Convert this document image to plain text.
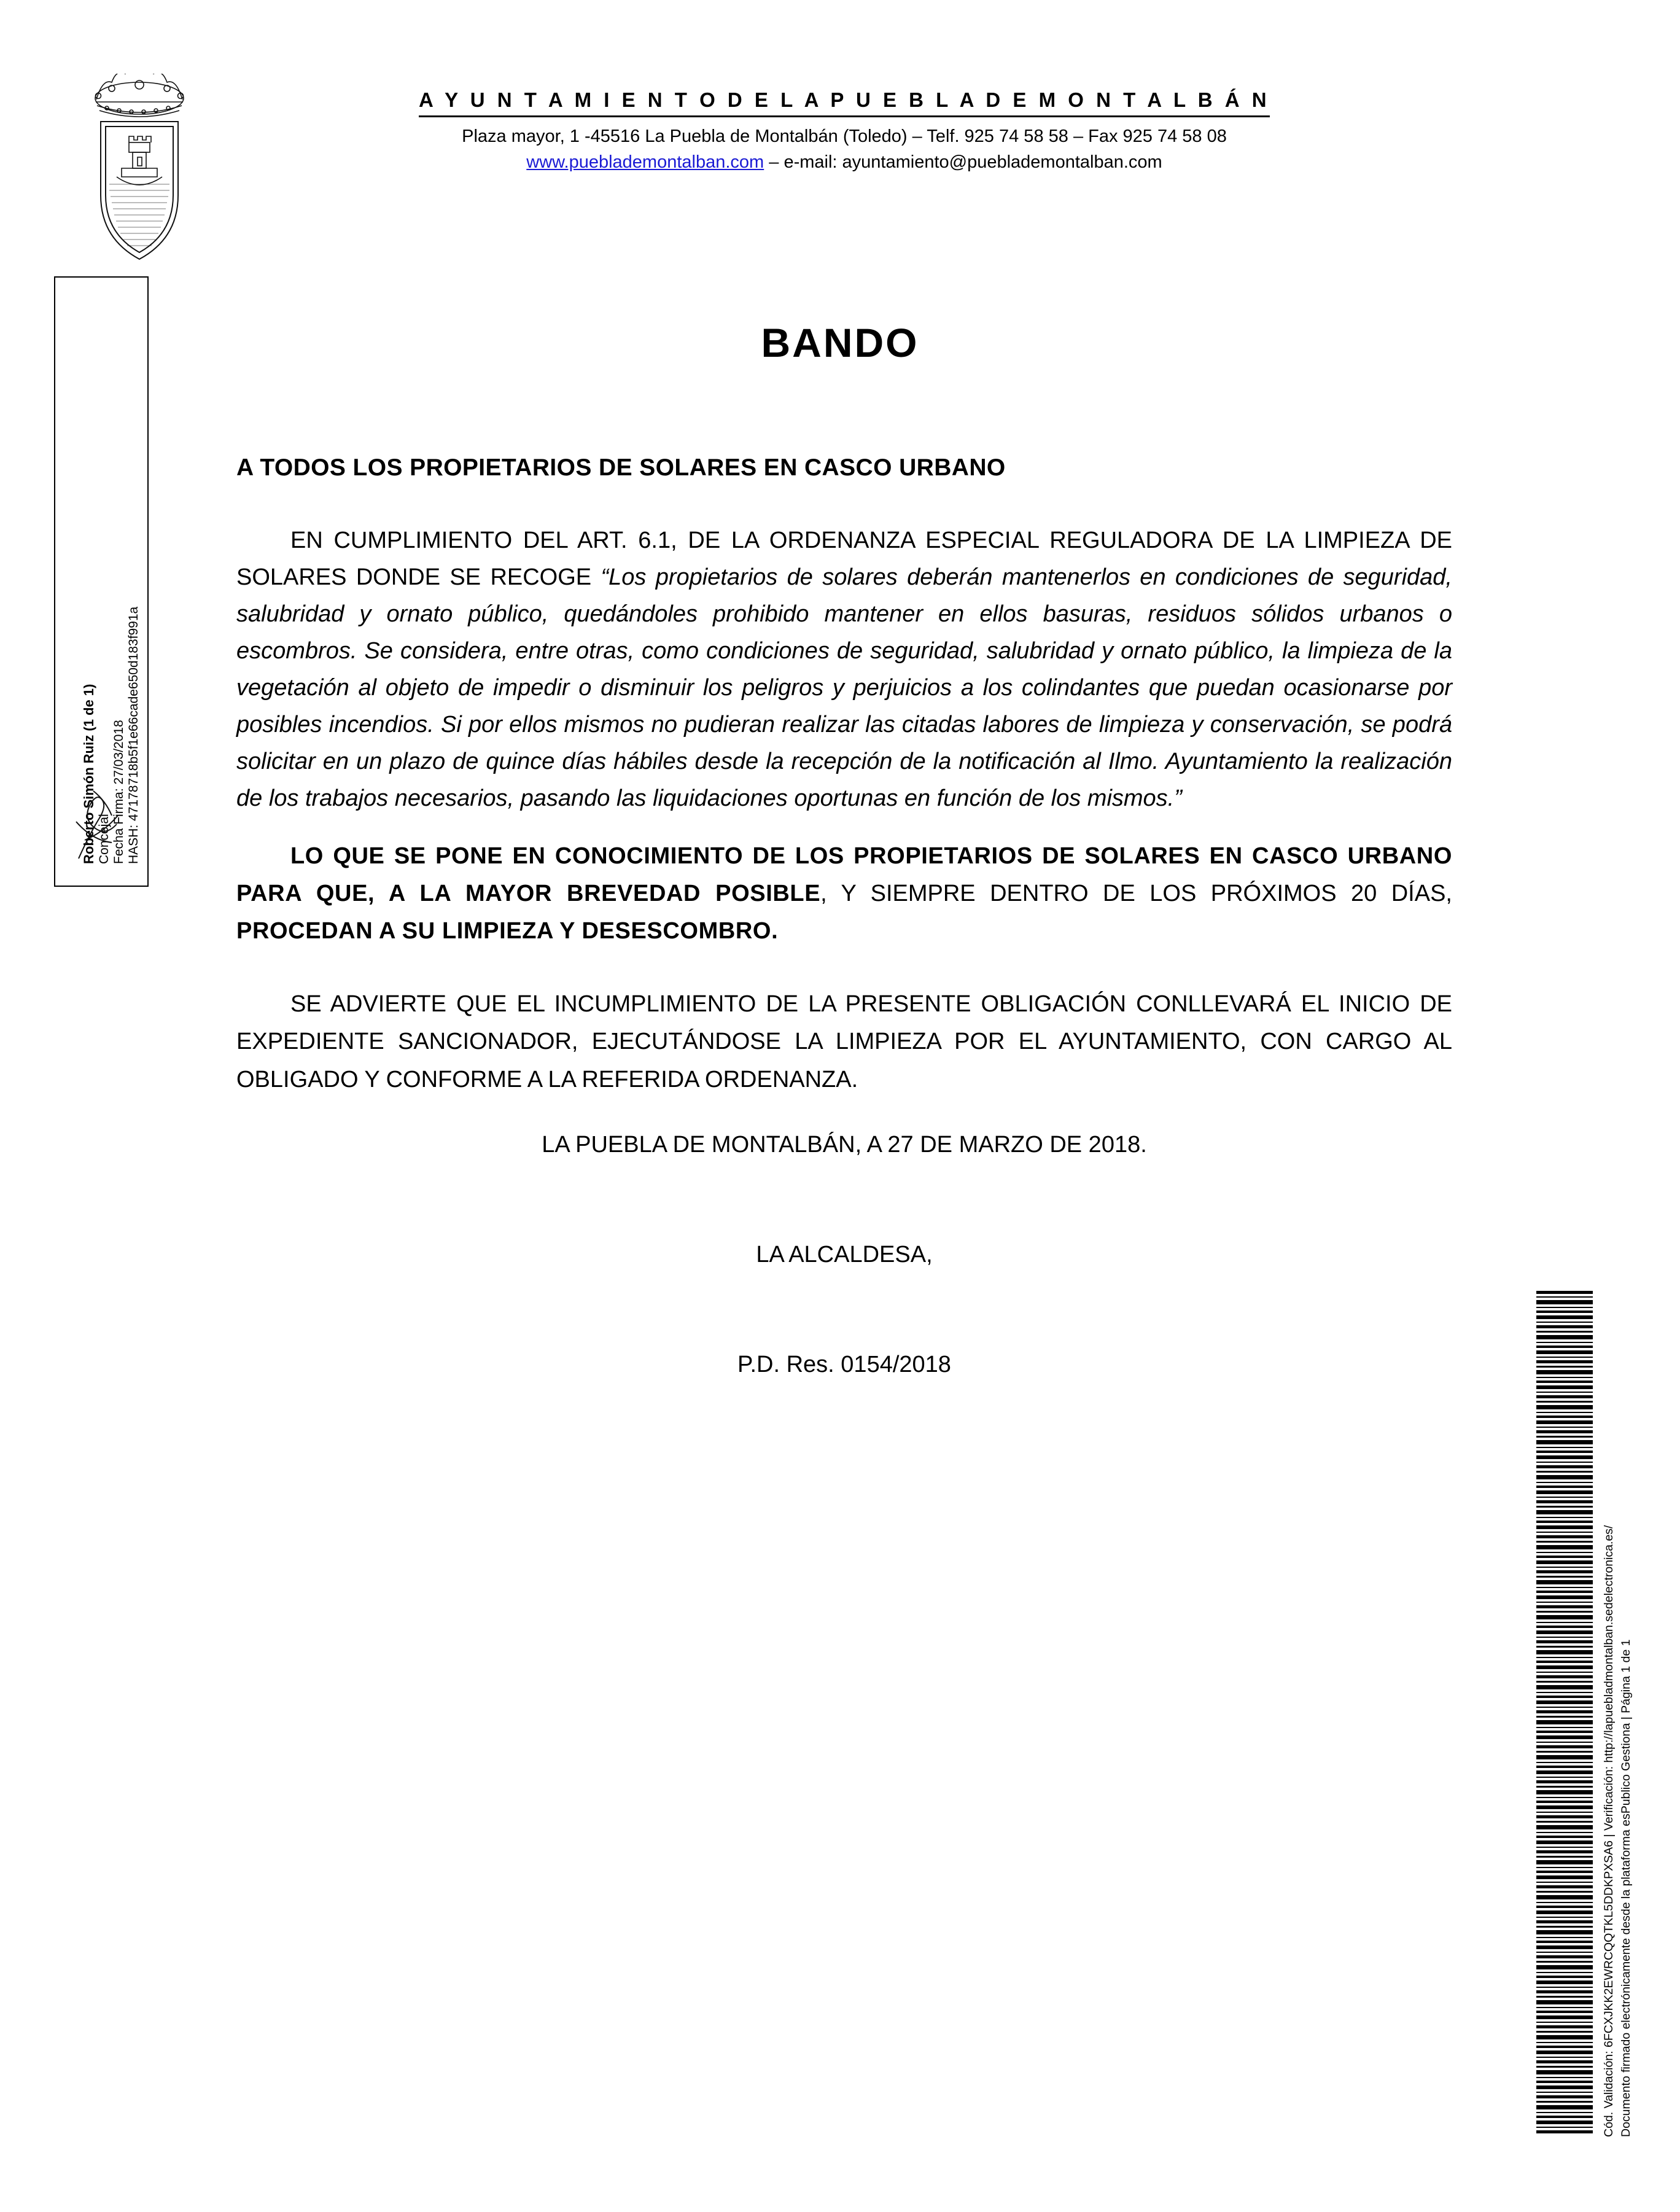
A Y U N T A M I E N T O D E L A P U E B L A D E M O N T A L B Á N
Plaza mayor, 1 -45516 La Puebla de Montalbán (Toledo) – Telf. 925 74 58 58 – Fax 925 74 58 08
www.pueblademontalban.com – e-mail: ayuntamiento@pueblademontalban.com
Roberto Simón Ruiz (1 de 1) Concejal Fecha Firma: 27/03/2018 HASH: 47178718b5f1e66cade650d183f991a
BANDO

A TODOS LOS PROPIETARIOS DE SOLARES EN CASCO URBANO

EN CUMPLIMIENTO DEL ART. 6.1, DE LA ORDENANZA ESPECIAL REGULADORA DE LA LIMPIEZA DE SOLARES DONDE SE RECOGE “Los propietarios de solares deberán mantenerlos en condiciones de seguridad, salubridad y ornato público, quedándoles prohibido mantener en ellos basuras, residuos sólidos urbanos o escombros. Se considera, entre otras, como condiciones de seguridad, salubridad y ornato público, la limpieza de la vegetación al objeto de impedir o disminuir los peligros y perjuicios a los colindantes que puedan ocasionarse por posibles incendios. Si por ellos mismos no pudieran realizar las citadas labores de limpieza y conservación, se podrá solicitar en un plazo de quince días hábiles desde la recepción de la notificación al Ilmo. Ayuntamiento la realización de los trabajos necesarios, pasando las liquidaciones oportunas en función de los mismos.”

LO QUE SE PONE EN CONOCIMIENTO DE LOS PROPIETARIOS DE SOLARES EN CASCO URBANO PARA QUE, A LA MAYOR BREVEDAD POSIBLE, Y SIEMPRE DENTRO DE LOS PRÓXIMOS 20 DÍAS, PROCEDAN A SU LIMPIEZA Y DESESCOMBRO.

SE ADVIERTE QUE EL INCUMPLIMIENTO DE LA PRESENTE OBLIGACIÓN CONLLEVARÁ EL INICIO DE EXPEDIENTE SANCIONADOR, EJECUTÁNDOSE LA LIMPIEZA POR EL AYUNTAMIENTO, CON CARGO AL OBLIGADO Y CONFORME A LA REFERIDA ORDENANZA.

LA PUEBLA DE MONTALBÁN, A 27 DE MARZO DE 2018.
LA ALCALDESA,
P.D. Res. 0154/2018
Cód. Validación: 6FCXJKK2EWRCQQTKL5DDKPXSA6 | Verificación: http://lapuebladmontalban.sedelectronica.es/ Documento firmado electrónicamente desde la plataforma esPublico Gestiona | Página 1 de 1
